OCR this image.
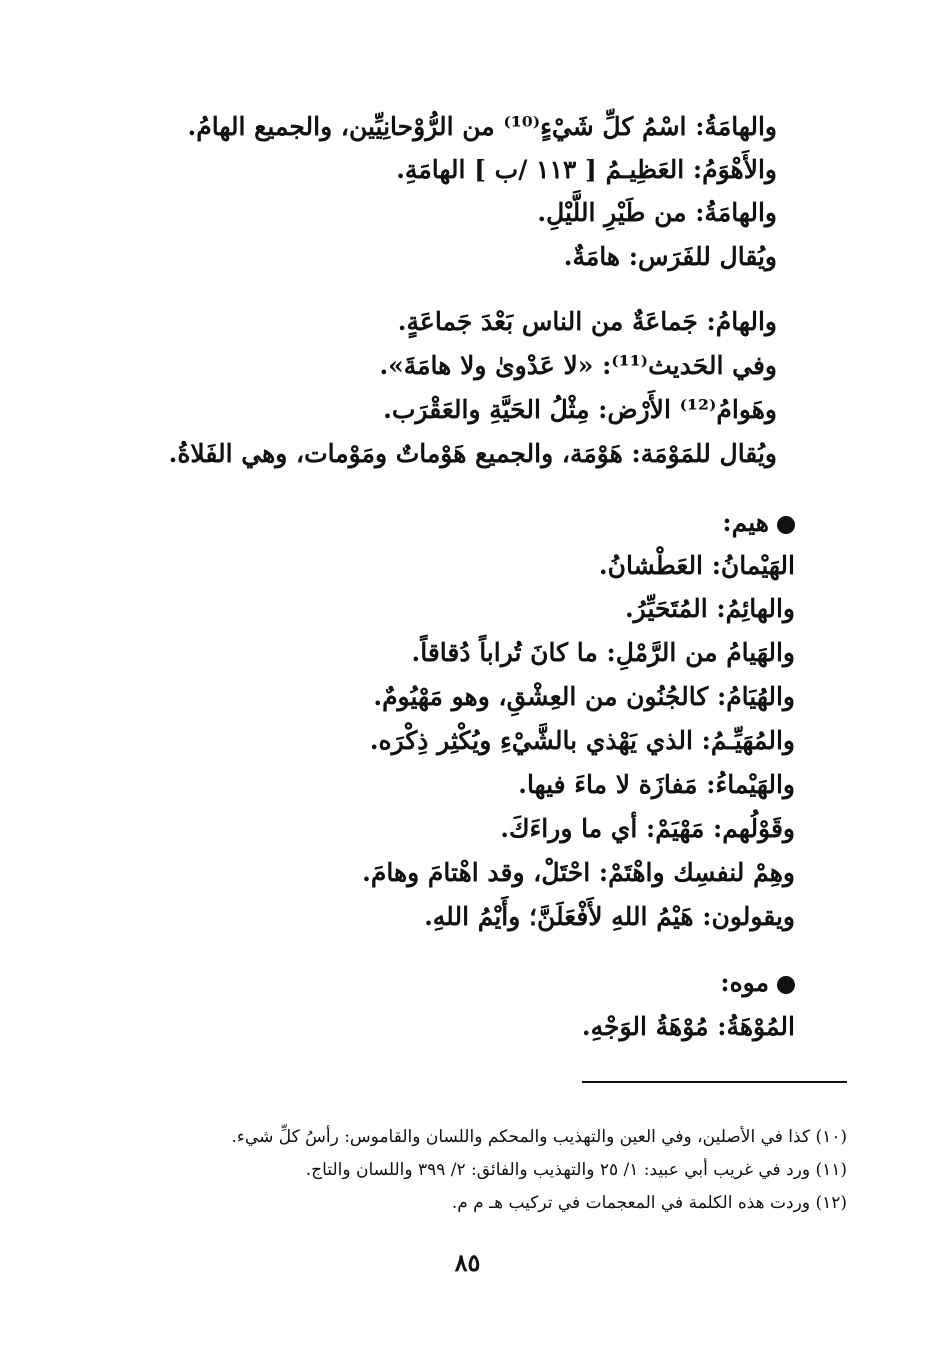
والهامَةُ: اسْمُ كلِّ شَيْءٍ⁽¹⁰⁾ من الرُّوْحانِيِّين، والجميع الهامُ.
والأَهْوَمُ: العَظِيـمُ [ ١١٣ /ب ] الهامَةِ.
والهامَةُ: من طَيْرِ اللَّيْلِ.
ويُقال للفَرَس: هامَةٌ.
والهامُ: جَماعَةٌ من الناس بَعْدَ جَماعَةٍ.
وفي الحَديث⁽¹¹⁾: «لا عَدْوىٰ ولا هامَةَ».
وهَوامُ⁽¹²⁾ الأَرْض: مِثْلُ الحَيَّةِ والعَقْرَب.
ويُقال للمَوْمَة: هَوْمَة، والجميع هَوْماتٌ ومَوْمات، وهي الفَلاةُ.
هيم:
الهَيْمانُ: العَطْشانُ.
والهائِمُ: المُتَحَيِّرُ.
والهَيامُ من الرَّمْلِ: ما كانَ تُراباً دُقاقاً.
والهُيَامُ: كالجُنُون من العِشْقِ، وهو مَهْيُومٌ.
والمُهَيِّـمُ: الذي يَهْذي بالشَّيْءِ ويُكْثِر ذِكْرَه.
والهَيْماءُ: مَفازَة لا ماءَ فيها.
وقَوْلُهم: مَهْيَمْ: أي ما وراءَكَ.
وهِمْ لنفسِك واهْتَمْ: احْتَلْ، وقد اهْتامَ وهامَ.
ويقولون: هَيْمُ اللهِ لأَفْعَلَنَّ؛ وأَيْمُ اللهِ.
موه:
المُوْهَةُ: مُوْهَةُ الوَجْهِ.
(١٠) كذا في الأصلين، وفي العين والتهذيب والمحكم واللسان والقاموس: رأسُ كلِّ شيء.
(١١) ورد في غريب أبي عبيد: ١/ ٢٥ والتهذيب والفائق: ٢/ ٣٩٩ واللسان والتاج.
(١٢) وردت هذه الكلمة في المعجمات في تركيب هـ م م.
٨٥
